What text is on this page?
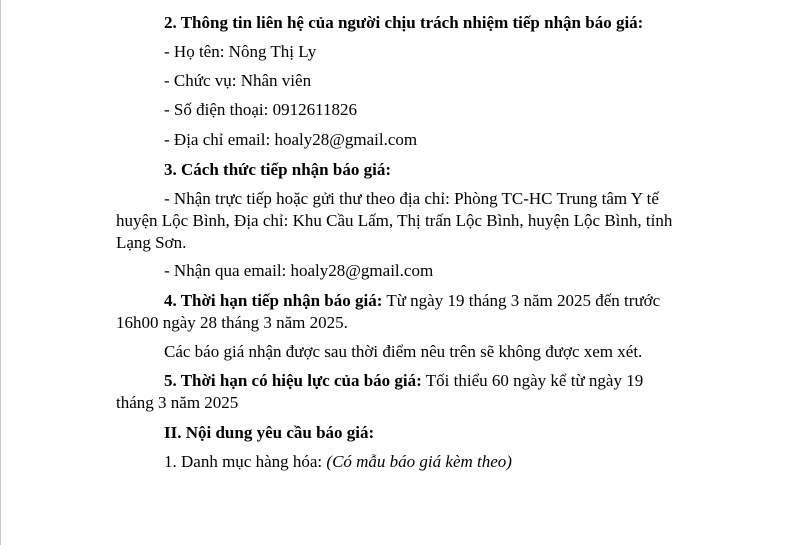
2. Thông tin liên hệ của người chịu trách nhiệm tiếp nhận báo giá:
- Họ tên: Nông Thị Ly
- Chức vụ: Nhân viên
- Số điện thoại: 0912611826
- Địa chỉ email: hoaly28@gmail.com
3. Cách thức tiếp nhận báo giá:
- Nhận trực tiếp hoặc gửi thư theo địa chỉ: Phòng TC-HC Trung tâm Y tế
huyện Lộc Bình, Địa chỉ: Khu Cầu Lấm, Thị trấn Lộc Bình, huyện Lộc Bình, tỉnh
Lạng Sơn.
- Nhận qua email: hoaly28@gmail.com
4. Thời hạn tiếp nhận báo giá: Từ ngày 19 tháng 3 năm 2025 đến trước
16h00 ngày 28 tháng 3 năm 2025.
Các báo giá nhận được sau thời điểm nêu trên sẽ không được xem xét.
5. Thời hạn có hiệu lực của báo giá: Tối thiểu 60 ngày kể từ ngày 19
tháng 3 năm 2025
II. Nội dung yêu cầu báo giá:
1. Danh mục hàng hóa: (Có mẫu báo giá kèm theo)
